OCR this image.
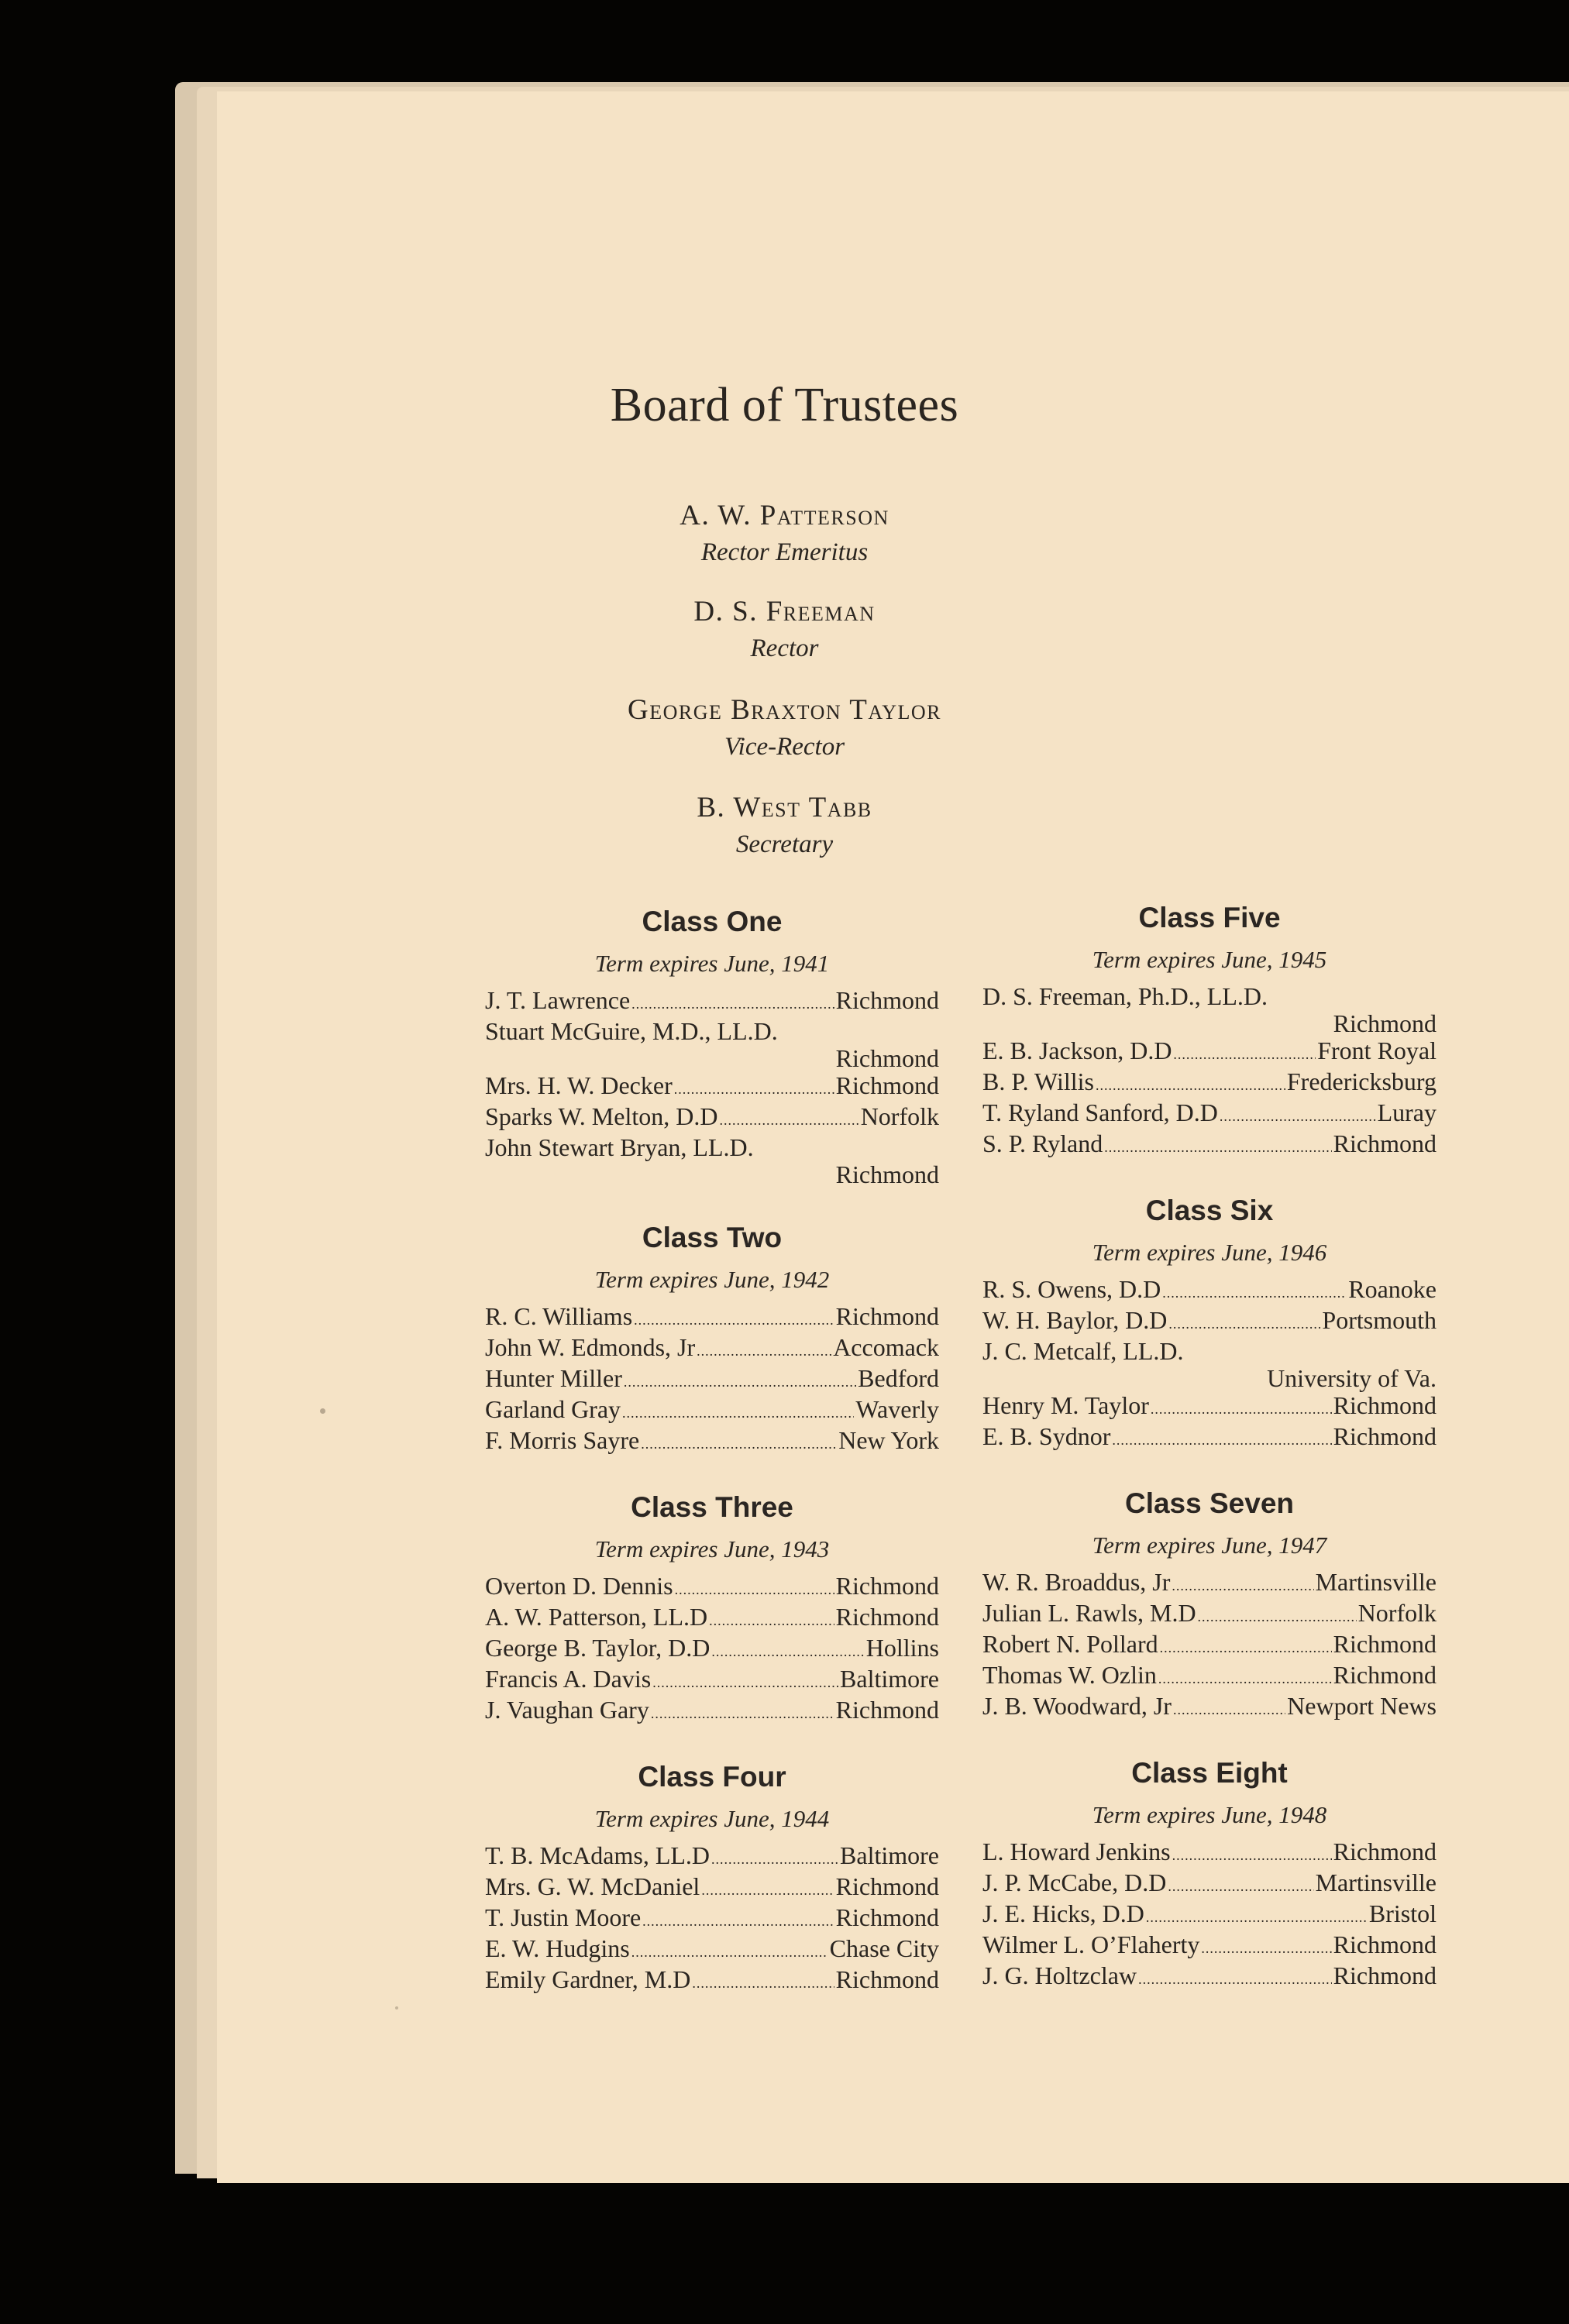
Board of Trustees
A. W. Patterson
Rector Emeritus
D. S. Freeman
Rector
George Braxton Taylor
Vice-Rector
B. West Tabb
Secretary
Class One
Term expires June, 1941
J. T. Lawrence .....	Richmond
Stuart McGuire, M.D., LL.D.
Richmond
Mrs. H. W. Decker .....	Richmond
Sparks W. Melton, D.D .....	Norfolk
John Stewart Bryan, LL.D.
Richmond
Class Two
Term expires June, 1942
R. C. Williams .....	Richmond
John W. Edmonds, Jr .....	Accomack
Hunter Miller .....	Bedford
Garland Gray .....	Waverly
F. Morris Sayre .....	New York
Class Three
Term expires June, 1943
Overton D. Dennis .....	Richmond
A. W. Patterson, LL.D .....	Richmond
George B. Taylor, D.D .....	Hollins
Francis A. Davis .....	Baltimore
J. Vaughan Gary .....	Richmond
Class Four
Term expires June, 1944
T. B. McAdams, LL.D .....	Baltimore
Mrs. G. W. McDaniel .....	Richmond
T. Justin Moore .....	Richmond
E. W. Hudgins .....	Chase City
Emily Gardner, M.D .....	Richmond
Class Five
Term expires June, 1945
D. S. Freeman, Ph.D., LL.D.
Richmond
E. B. Jackson, D.D .....	Front Royal
B. P. Willis .....	Fredericksburg
T. Ryland Sanford, D.D .....	Luray
S. P. Ryland .....	Richmond
Class Six
Term expires June, 1946
R. S. Owens, D.D .....	Roanoke
W. H. Baylor, D.D .....	Portsmouth
J. C. Metcalf, LL.D.
University of Va.
Henry M. Taylor .....	Richmond
E. B. Sydnor .....	Richmond
Class Seven
Term expires June, 1947
W. R. Broaddus, Jr .....	Martinsville
Julian L. Rawls, M.D .....	Norfolk
Robert N. Pollard .....	Richmond
Thomas W. Ozlin .....	Richmond
J. B. Woodward, Jr .....	Newport News
Class Eight
Term expires June, 1948
L. Howard Jenkins .....	Richmond
J. P. McCabe, D.D .....	Martinsville
J. E. Hicks, D.D .....	Bristol
Wilmer L. O’Flaherty .....	Richmond
J. G. Holtzclaw .....	Richmond
